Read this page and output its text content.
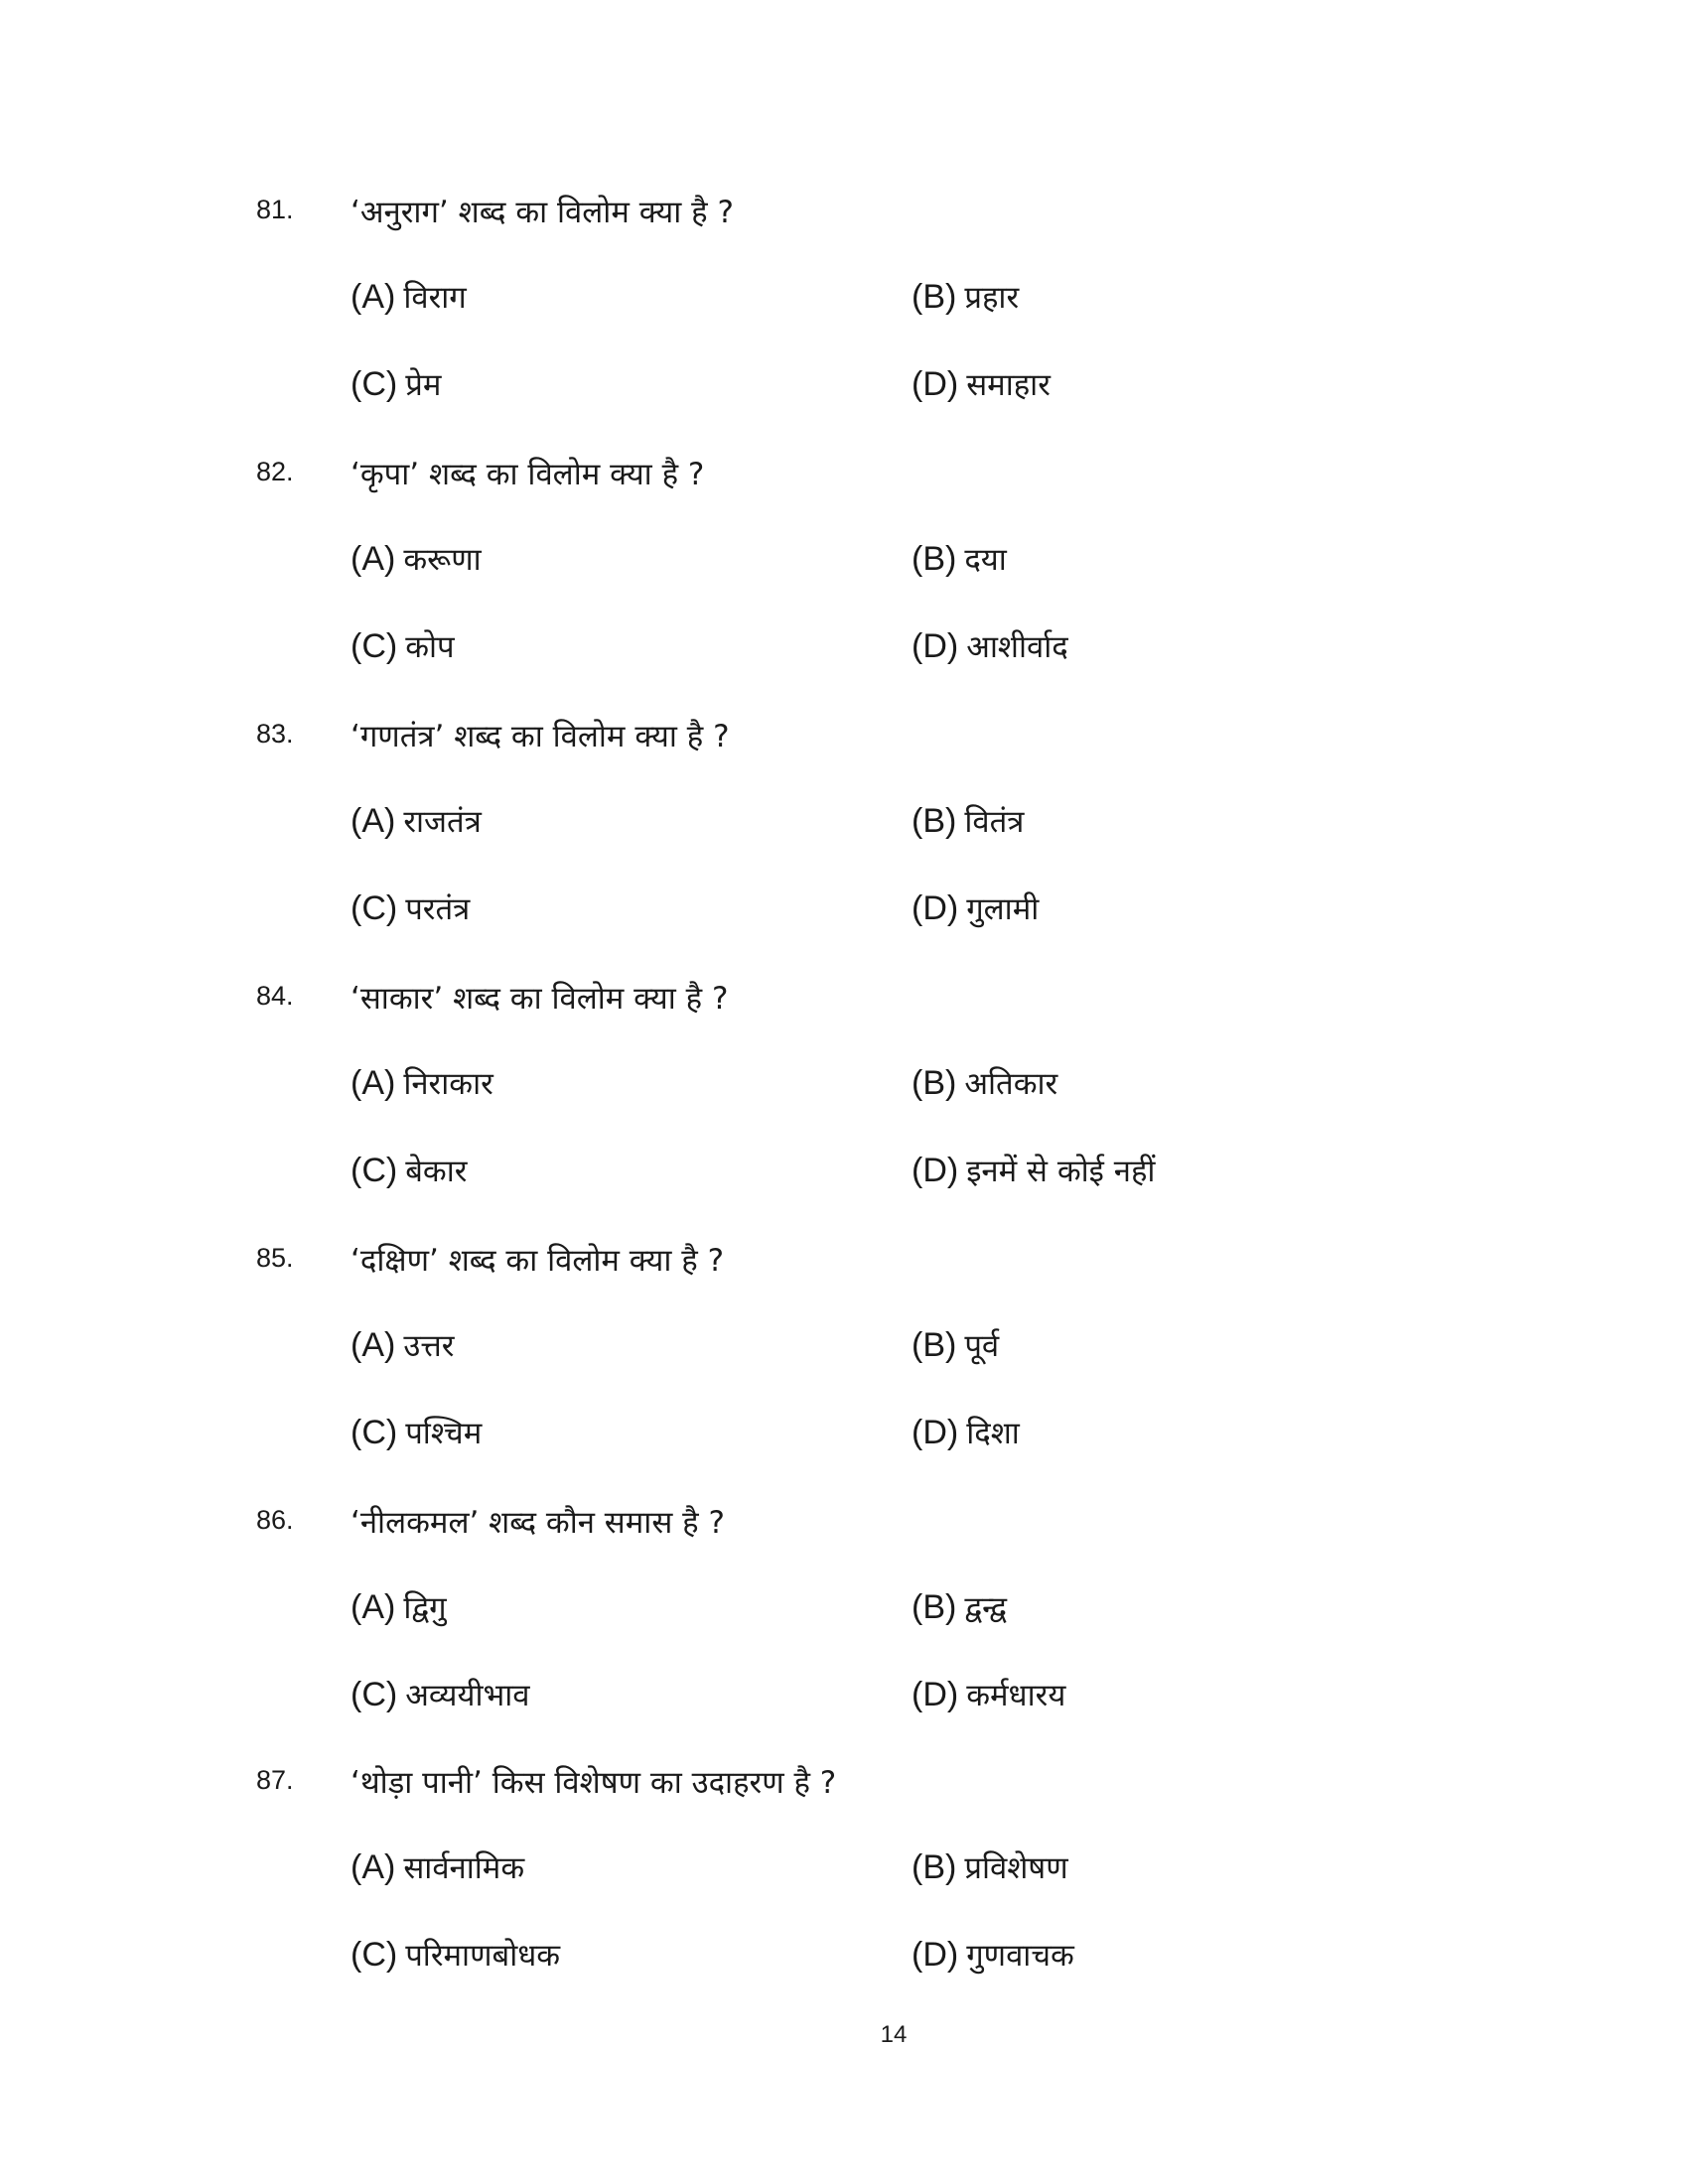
81. ‘अनुराग’ शब्द का विलोम क्या है ?
(A) विराग	(B) प्रहार
(C) प्रेम	(D) समाहार
82. ‘कृपा’ शब्द का विलोम क्या है ?
(A) करूणा	(B) दया
(C) कोप	(D) आशीर्वाद
83. ‘गणतंत्र’ शब्द का विलोम क्या है ?
(A) राजतंत्र	(B) वितंत्र
(C) परतंत्र	(D) गुलामी
84. ‘साकार’ शब्द का विलोम क्या है ?
(A) निराकार	(B) अतिकार
(C) बेकार	(D) इनमें से कोई नहीं
85. ‘दक्षिण’ शब्द का विलोम क्या है ?
(A) उत्तर	(B) पूर्व
(C) पश्चिम	(D) दिशा
86. ‘नीलकमल’ शब्द कौन समास है ?
(A) द्विगु	(B) द्वन्द्व
(C) अव्ययीभाव	(D) कर्मधारय
87. ‘थोड़ा पानी’ किस विशेषण का उदाहरण है ?
(A) सार्वनामिक	(B) प्रविशेषण
(C) परिमाणबोधक	(D) गुणवाचक
14
